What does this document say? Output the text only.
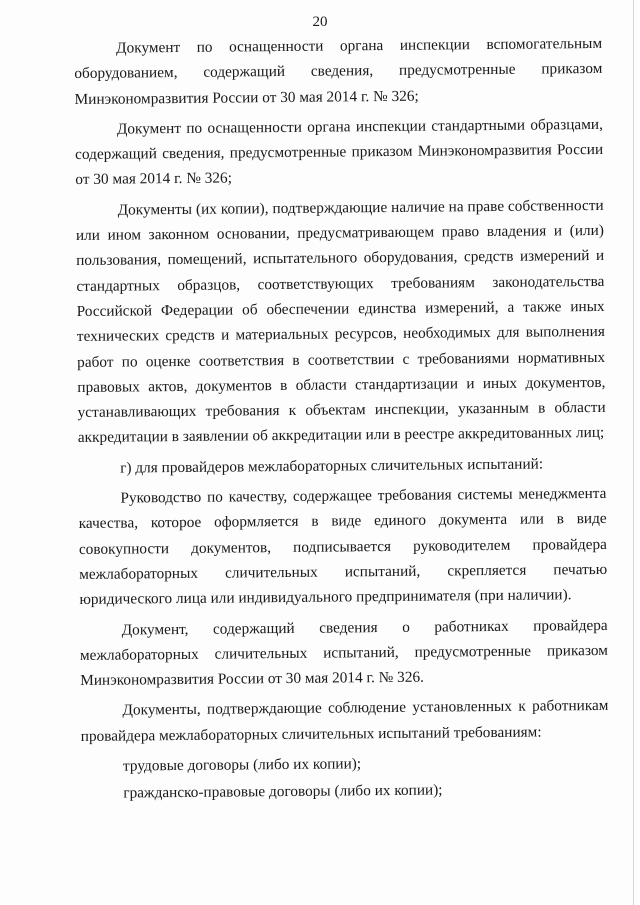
20

Документ по оснащенности органа инспекции вспомогательным оборудованием, содержащий сведения, предусмотренные приказом Минэкономразвития России от 30 мая 2014 г. № 326;

Документ по оснащенности органа инспекции стандартными образцами, содержащий сведения, предусмотренные приказом Минэкономразвития России от 30 мая 2014 г. № 326;

Документы (их копии), подтверждающие наличие на праве собственности или ином законном основании, предусматривающем право владения и (или) пользования, помещений, испытательного оборудования, средств измерений и стандартных образцов, соответствующих требованиям законодательства Российской Федерации об обеспечении единства измерений, а также иных технических средств и материальных ресурсов, необходимых для выполнения работ по оценке соответствия в соответствии с требованиями нормативных правовых актов, документов в области стандартизации и иных документов, устанавливающих требования к объектам инспекции, указанным в области аккредитации в заявлении об аккредитации или в реестре аккредитованных лиц;

г) для провайдеров межлабораторных сличительных испытаний:

Руководство по качеству, содержащее требования системы менеджмента качества, которое оформляется в виде единого документа или в виде совокупности документов, подписывается руководителем провайдера межлабораторных сличительных испытаний, скрепляется печатью юридического лица или индивидуального предпринимателя (при наличии).

Документ, содержащий сведения о работниках провайдера межлабораторных сличительных испытаний, предусмотренные приказом Минэкономразвития России от 30 мая 2014 г. № 326.

Документы, подтверждающие соблюдение установленных к работникам провайдера межлабораторных сличительных испытаний требованиям:

трудовые договоры (либо их копии);

гражданско-правовые договоры (либо их копии);
